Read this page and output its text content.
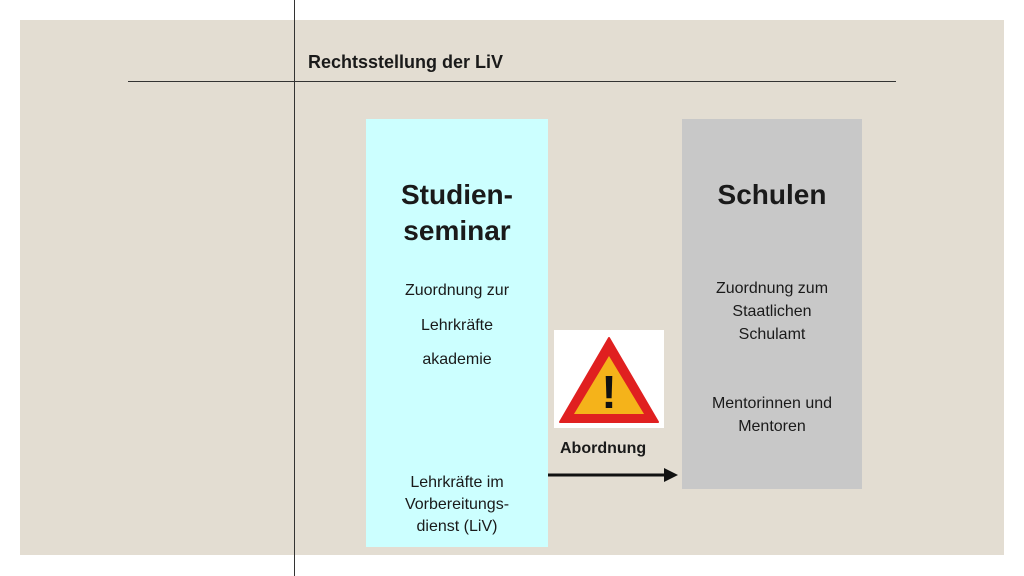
Rechtsstellung der LiV
Studien-
seminar
Zuordnung zur
Lehrkräfte
akademie
Lehrkräfte im
Vorbereitungs-
dienst (LiV)
Schulen
Zuordnung zum
Staatlichen
Schulamt
Mentorinnen und
Mentoren
!
Abordnung
